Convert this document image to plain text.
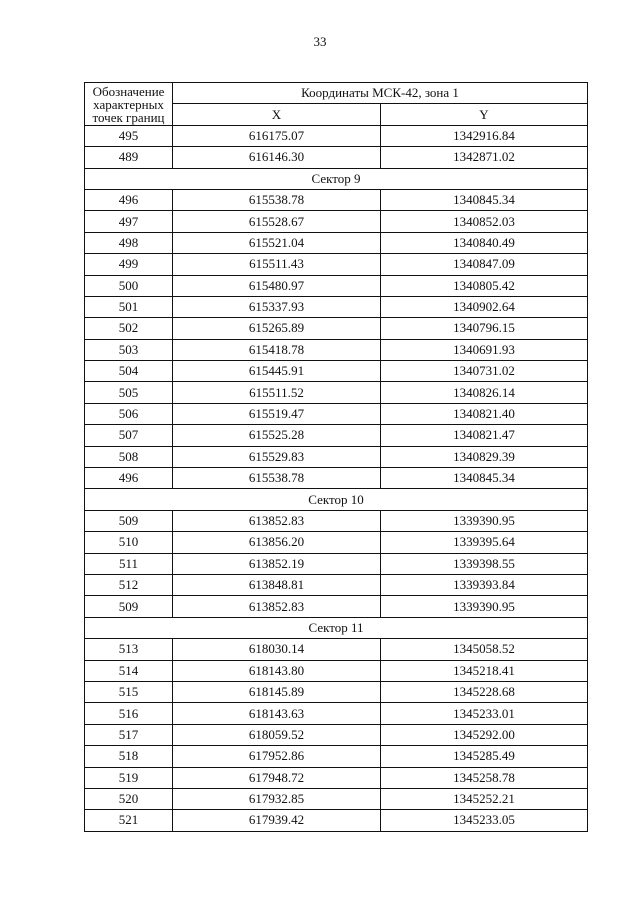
33
Обозначение характерных точек границ	Координаты МСК-42, зона 1	
	X	Y
495	616175.07	1342916.84
489	616146.30	1342871.02
Сектор 9		
496	615538.78	1340845.34
497	615528.67	1340852.03
498	615521.04	1340840.49
499	615511.43	1340847.09
500	615480.97	1340805.42
501	615337.93	1340902.64
502	615265.89	1340796.15
503	615418.78	1340691.93
504	615445.91	1340731.02
505	615511.52	1340826.14
506	615519.47	1340821.40
507	615525.28	1340821.47
508	615529.83	1340829.39
496	615538.78	1340845.34
Сектор 10		
509	613852.83	1339390.95
510	613856.20	1339395.64
511	613852.19	1339398.55
512	613848.81	1339393.84
509	613852.83	1339390.95
Сектор 11		
513	618030.14	1345058.52
514	618143.80	1345218.41
515	618145.89	1345228.68
516	618143.63	1345233.01
517	618059.52	1345292.00
518	617952.86	1345285.49
519	617948.72	1345258.78
520	617932.85	1345252.21
521	617939.42	1345233.05
